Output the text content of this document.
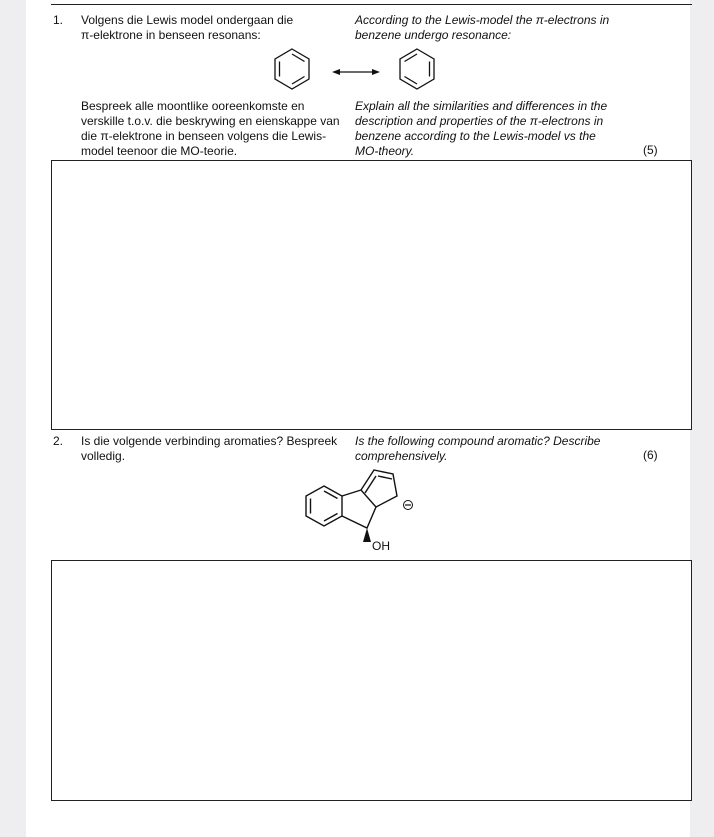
1. Volgens die Lewis model ondergaan die
π-elektrone in benseen resonans:
According to the Lewis-model the π-electrons in
benzene undergo resonance:
Bespreek alle moontlike ooreenkomste en
verskille t.o.v. die beskrywing en eienskappe van
die π-elektrone in benseen volgens die Lewis-
model teenoor die MO-teorie.
Explain all the similarities and differences in the
description and properties of the π-electrons in
benzene according to the Lewis-model vs the
MO-theory.	(5)
2. Is die volgende verbinding aromaties? Bespreek
volledig.
Is the following compound aromatic? Describe
comprehensively.	(6)
OH
